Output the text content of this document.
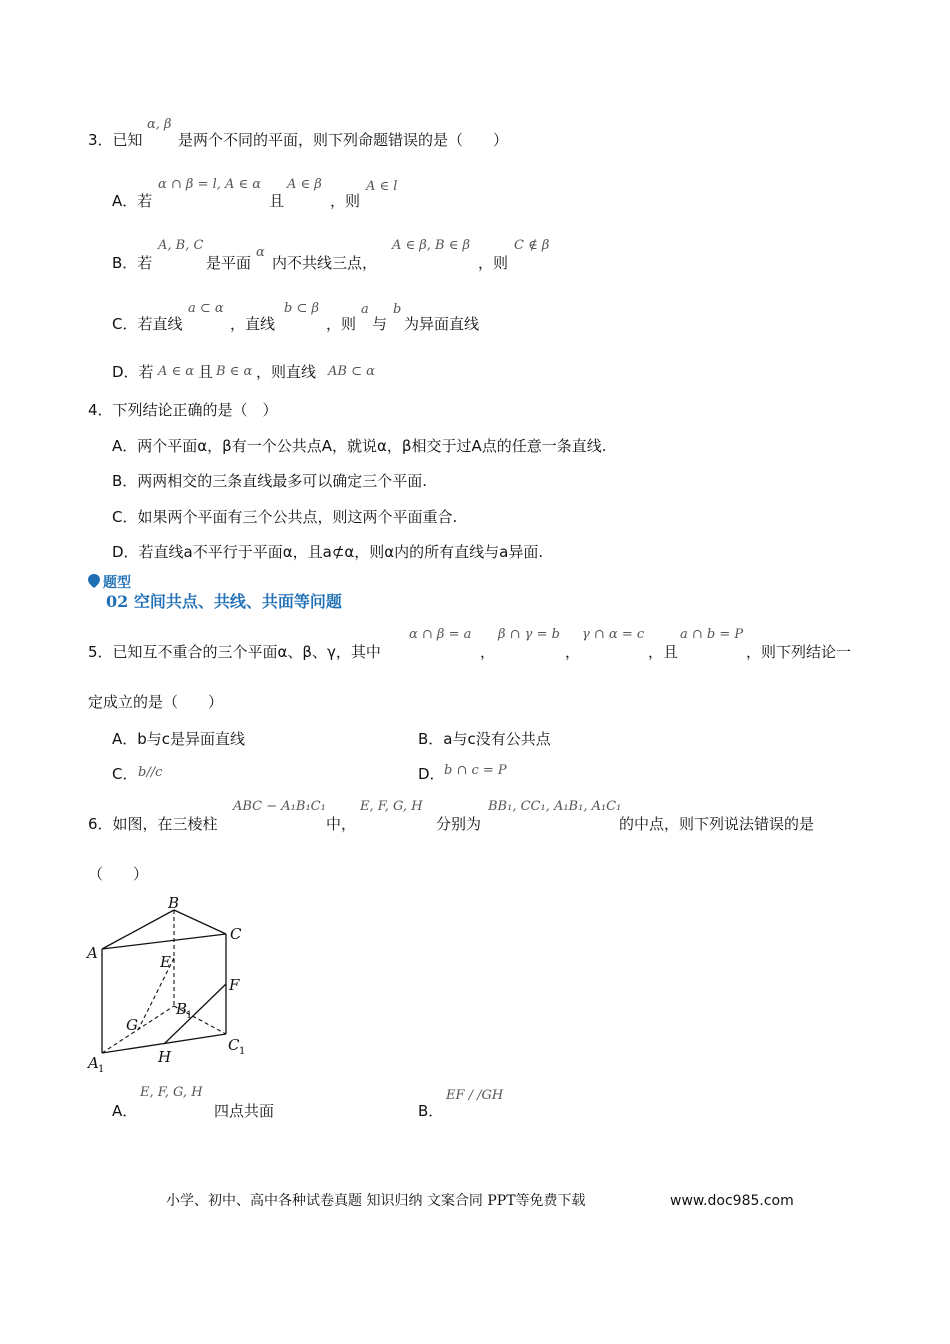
3．已知
α, β
是两个不同的平面，则下列命题错误的是（　　）
A．若
α ∩ β = l, A ∈ α
且
A ∈ β
，则
A ∈ l
B．若
A, B, C
是平面
α
内不共线三点，
A ∈ β, B ∈ β
，则
C ∉ β
C．若直线
a ⊂ α
，直线
b ⊂ β
，则
a
与
b
为异面直线
D．若 A ∈ α 且 B ∈ α ，则直线 AB ⊂ α
4．下列结论正确的是（　）
A．两个平面α，β有一个公共点A，就说α，β相交于过A点的任意一条直线.
B．两两相交的三条直线最多可以确定三个平面.
C．如果两个平面有三个公共点，则这两个平面重合.
D．若直线a不平行于平面α，且a⊄α，则α内的所有直线与a异面.
题型
02 空间共点、共线、共面等问题
5．已知互不重合的三个平面α、β、γ，其中
α ∩ β = a
，
β ∩ γ = b
，
γ ∩ α = c
，且
a ∩ b = P
，则下列结论一
定成立的是（　　）
A．b与c是异面直线	B．a与c没有公共点
C． b//c	D． b ∩ c = P
6．如图，在三棱柱
ABC − A₁B₁C₁
中，
E, F, G, H
分别为
BB₁, CC₁, A₁B₁, A₁C₁
的中点，则下列说法错误的是
（　　）
B
A
C
E
F
G
H
B
1
C 1
A 1
A．
E, F, G, H
四点共面	B．
EF / /GH
小学、初中、高中各种试卷真题 知识归纳 文案合同 PPT等免费下载	www.doc985.com
